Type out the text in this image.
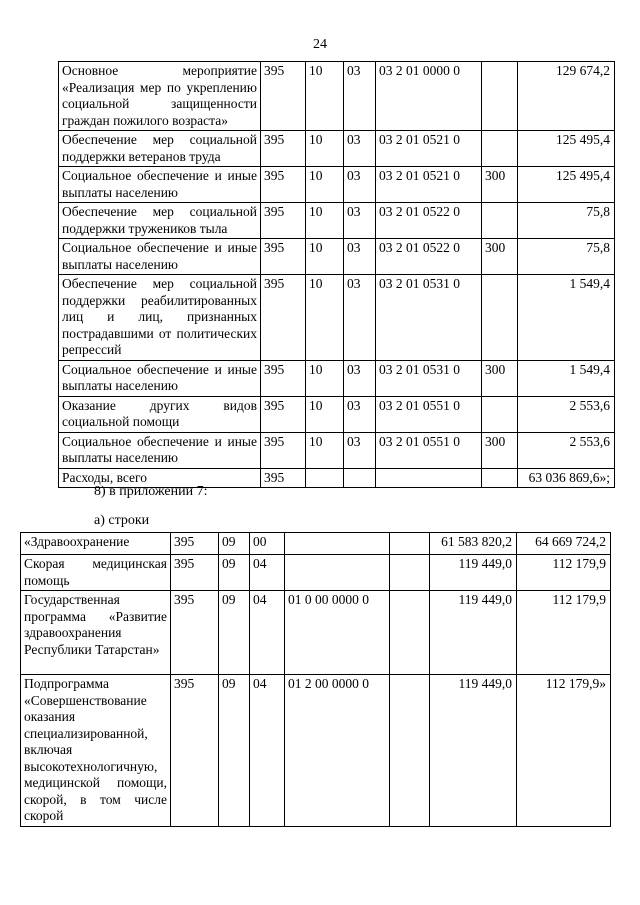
24
Основное мероприятие «Реализация мер по укреплению социальной защищенности граждан пожилого возраста»	395	10	03	03 2 01 0000 0		129 674,2
Обеспечение мер социальной поддержки ветеранов труда	395	10	03	03 2 01 0521 0		125 495,4
Социальное обеспечение и иные выплаты населению	395	10	03	03 2 01 0521 0	300	125 495,4
Обеспечение мер социальной поддержки тружеников тыла	395	10	03	03 2 01 0522 0		75,8
Социальное обеспечение и иные выплаты населению	395	10	03	03 2 01 0522 0	300	75,8
Обеспечение мер социальной поддержки реабилитированных лиц и лиц, признанных пострадавшими от политических репрессий	395	10	03	03 2 01 0531 0		1 549,4
Социальное обеспечение и иные выплаты населению	395	10	03	03 2 01 0531 0	300	1 549,4
Оказание других видов социальной помощи	395	10	03	03 2 01 0551 0		2 553,6
Социальное обеспечение и иные выплаты населению	395	10	03	03 2 01 0551 0	300	2 553,6
Расходы, всего	395					63 036 869,6»;
8) в приложении 7:
а) строки
«Здравоохранение	395	09	00			61 583 820,2	64 669 724,2
Скорая медицинская помощь	395	09	04			119 449,0	112 179,9
Государственная программа «Развитие здравоохранения Республики Татарстан»	395	09	04	01 0 00 0000 0		119 449,0	112 179,9
Подпрограмма «Совершенствование оказания специализированной, включая высокотехнологичную, медицинской помощи, скорой, в том числе скорой	395	09	04	01 2 00 0000 0		119 449,0	112 179,9»
